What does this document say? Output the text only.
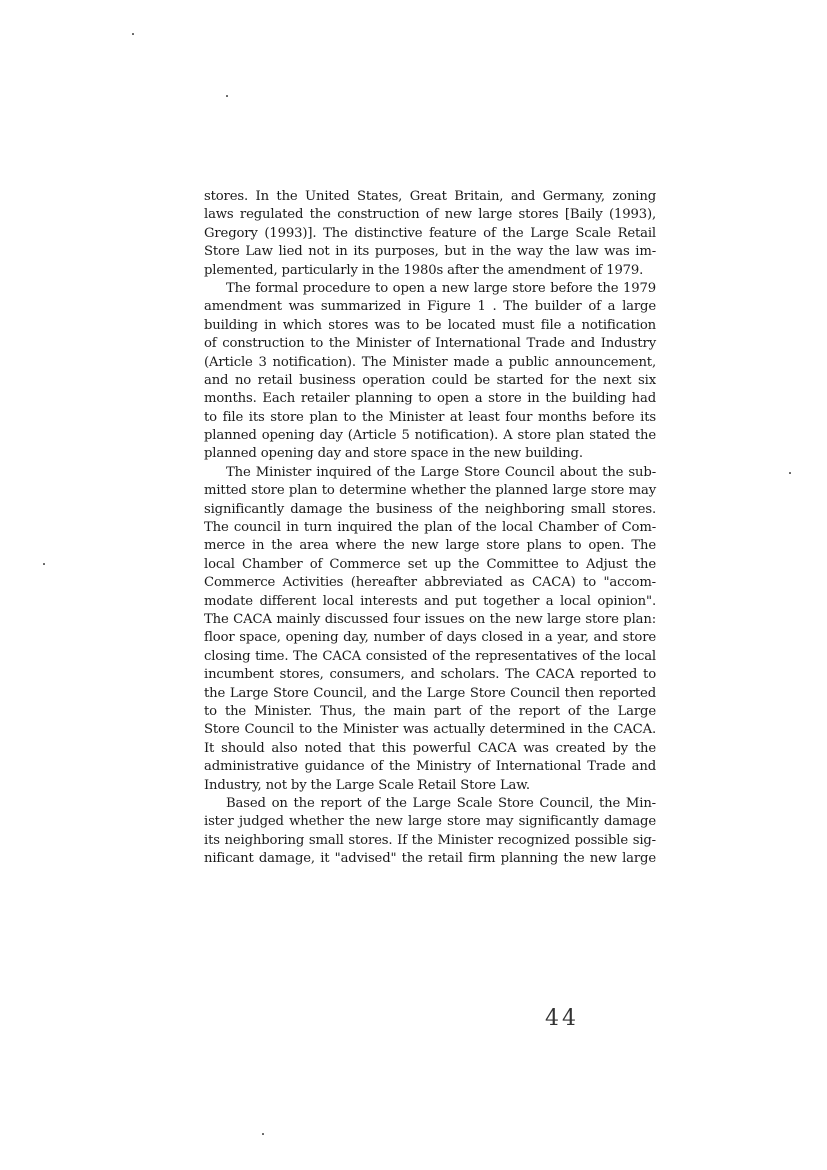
stores. In the United States, Great Britain, and Germany, zoning
laws regulated the construction of new large stores [Baily (1993),
Gregory (1993)]. The distinctive feature of the Large Scale Retail
Store Law lied not in its purposes, but in the way the law was im-
plemented, particularly in the 1980s after the amendment of 1979.
The formal procedure to open a new large store before the 1979
amendment was summarized in Figure 1 . The builder of a large
building in which stores was to be located must file a notification
of construction to the Minister of International Trade and Industry
(Article 3 notification). The Minister made a public announcement,
and no retail business operation could be started for the next six
months. Each retailer planning to open a store in the building had
to file its store plan to the Minister at least four months before its
planned opening day (Article 5 notification). A store plan stated the
planned opening day and store space in the new building.
The Minister inquired of the Large Store Council about the sub-
mitted store plan to determine whether the planned large store may
significantly damage the business of the neighboring small stores.
The council in turn inquired the plan of the local Chamber of Com-
merce in the area where the new large store plans to open. The
local Chamber of Commerce set up the Committee to Adjust the
Commerce Activities (hereafter abbreviated as CACA) to "accom-
modate different local interests and put together a local opinion".
The CACA mainly discussed four issues on the new large store plan:
floor space, opening day, number of days closed in a year, and store
closing time. The CACA consisted of the representatives of the local
incumbent stores, consumers, and scholars. The CACA reported to
the Large Store Council, and the Large Store Council then reported
to the Minister. Thus, the main part of the report of the Large
Store Council to the Minister was actually determined in the CACA.
It should also noted that this powerful CACA was created by the
administrative guidance of the Ministry of International Trade and
Industry, not by the Large Scale Retail Store Law.
Based on the report of the Large Scale Store Council, the Min-
ister judged whether the new large store may significantly damage
its neighboring small stores. If the Minister recognized possible sig-
nificant damage, it "advised" the retail firm planning the new large
44
